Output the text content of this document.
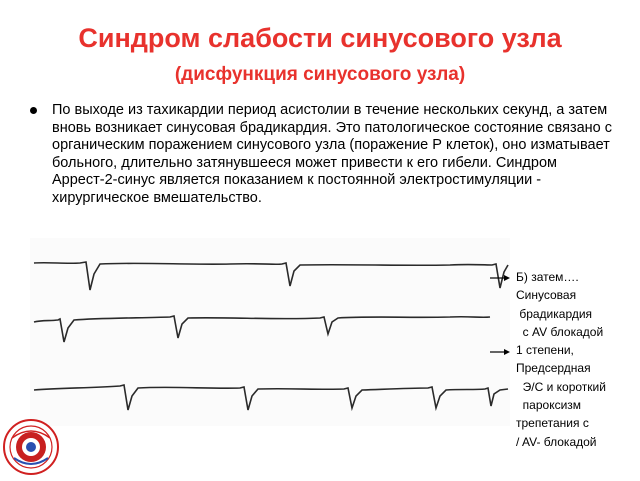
Синдром слабости синусового узла
(дисфункция синусового узла)
По выходе из тахикардии период асистолии в течение нескольких секунд, а затем вновь возникает синусовая брадикардия. Это патологическое состояние связано с органическим поражением синусового узла (поражение Р клеток), оно изматывает больного, длительно затянувшееся может привести к его гибели. Синдром Аррест-2-синус является показанием к постоянной электростимуляции - хирургическое вмешательство.
Б) затем….
Синусовая
брадикардия
с AV блокадой
1 степени,
Предсердная
Э/С и короткий
пароксизм
трепетания с
/ AV- блокадой
